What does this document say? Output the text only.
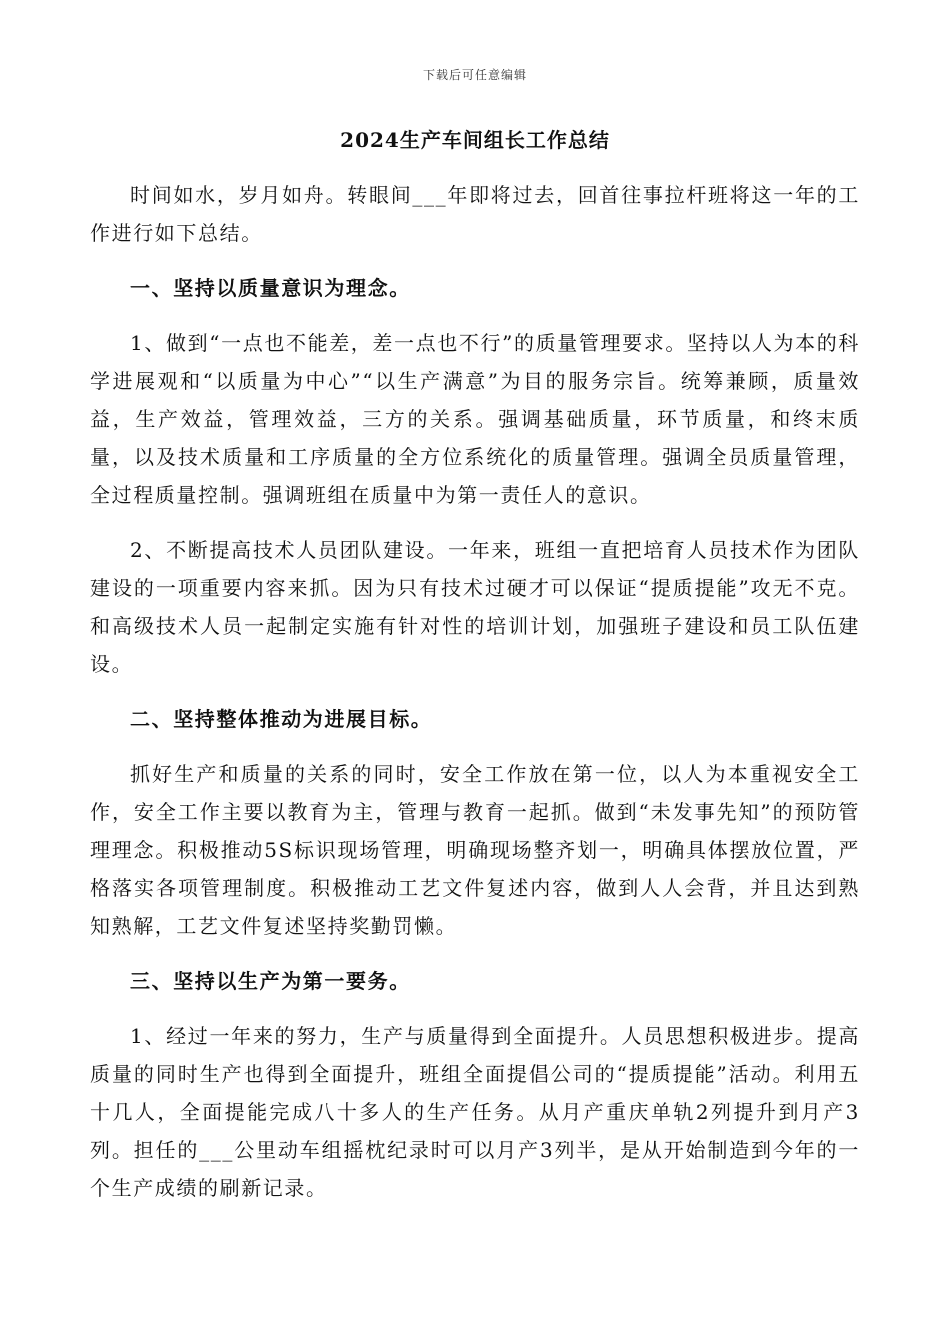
下载后可任意编辑
2024生产车间组长工作总结

时间如水，岁月如舟。转眼间___年即将过去，回首往事拉杆班将这一年的工作进行如下总结。

一、坚持以质量意识为理念。

1、做到“一点也不能差，差一点也不行”的质量管理要求。坚持以人为本的科学进展观和“以质量为中心”“以生产满意”为目的服务宗旨。统筹兼顾，质量效益，生产效益，管理效益，三方的关系。强调基础质量，环节质量，和终末质量，以及技术质量和工序质量的全方位系统化的质量管理。强调全员质量管理，全过程质量控制。强调班组在质量中为第一责任人的意识。

2、不断提高技术人员团队建设。一年来，班组一直把培育人员技术作为团队建设的一项重要内容来抓。因为只有技术过硬才可以保证“提质提能”攻无不克。和高级技术人员一起制定实施有针对性的培训计划，加强班子建设和员工队伍建设。

二、坚持整体推动为进展目标。

抓好生产和质量的关系的同时，安全工作放在第一位，以人为本重视安全工作，安全工作主要以教育为主，管理与教育一起抓。做到“未发事先知”的预防管理理念。积极推动5S标识现场管理，明确现场整齐划一，明确具体摆放位置，严格落实各项管理制度。积极推动工艺文件复述内容，做到人人会背，并且达到熟知熟解，工艺文件复述坚持奖勤罚懒。

三、坚持以生产为第一要务。

1、经过一年来的努力，生产与质量得到全面提升。人员思想积极进步。提高质量的同时生产也得到全面提升，班组全面提倡公司的“提质提能”活动。利用五十几人，全面提能完成八十多人的生产任务。从月产重庆单轨2列提升到月产3列。担任的___公里动车组摇枕纪录时可以月产3列半，是从开始制造到今年的一个生产成绩的刷新记录。
